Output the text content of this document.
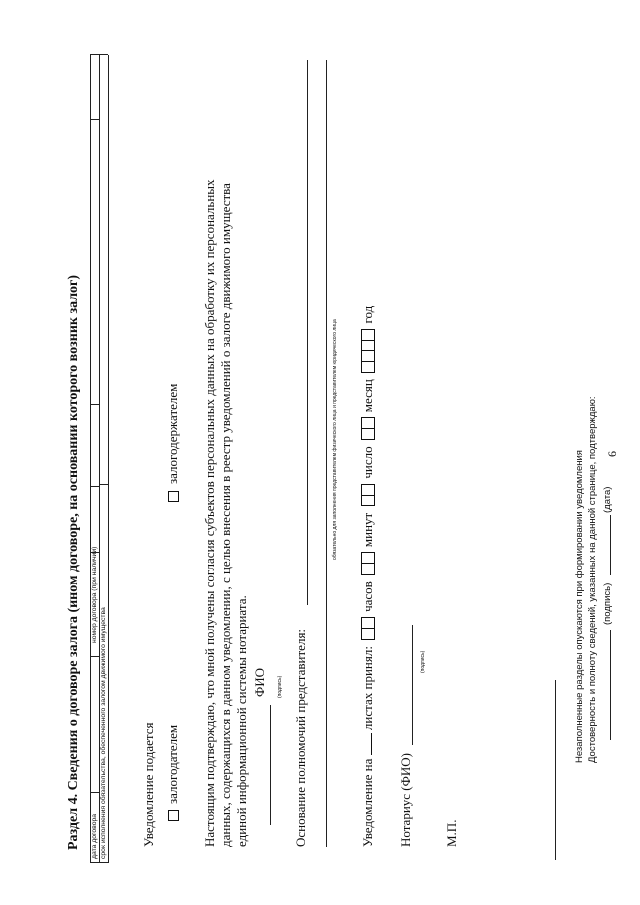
6
Раздел 4. Сведения о договоре залога (ином договоре, на основании которого возник залог) дата договора
номер договора (при наличии)
срок исполнения обязательства, обеспеченного залогом движимого имущества	Уведомление подается залогодателем
залогодержателем Настоящим подтверждаю, что мной получены согласия субъектов персональных данных на обработку их персональных данных, содержащихся в данном уведомлении, с целью внесения в реестр уведомлений о залоге движимого имущества единой информационной системы нотариата. ФИО (подпись) Основание полномочий представителя:
обязательно для заполнения представителем физического лица и представителем юридического лица
Уведомление на  листах принял:  часов  минут  число  месяц  год
Нотариус (ФИО)
(подпись)
М.П.
Незаполненные разделы опускаются при формировании уведомления Достоверность и полноту сведений, указанных на данной странице, подтверждаю: (подпись)
(дата)
